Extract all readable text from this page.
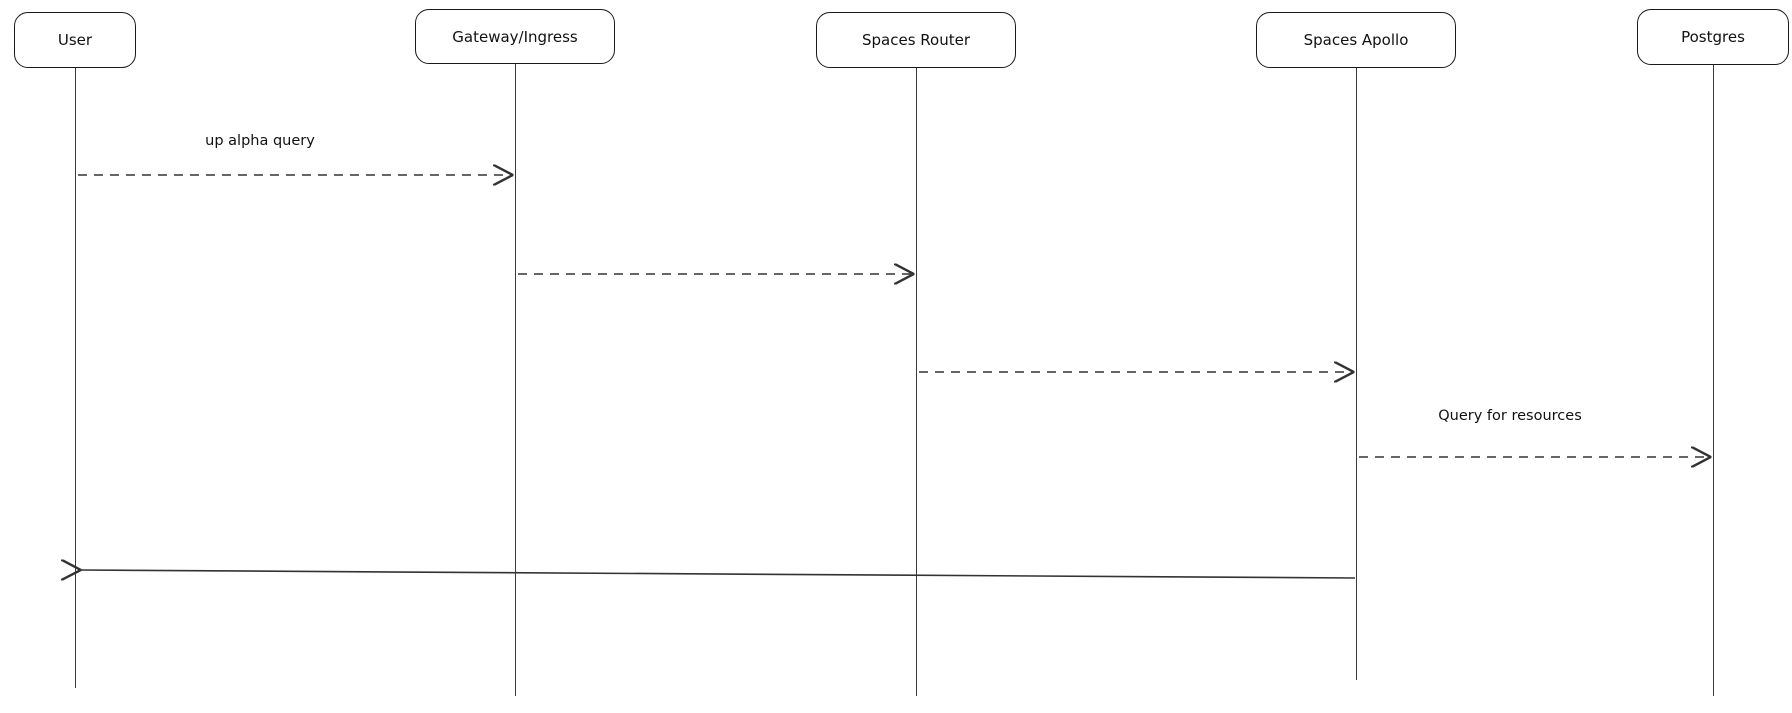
User	Gateway/Ingress	Spaces Router	Spaces Apollo	Postgres
up alpha query
Query for resources
